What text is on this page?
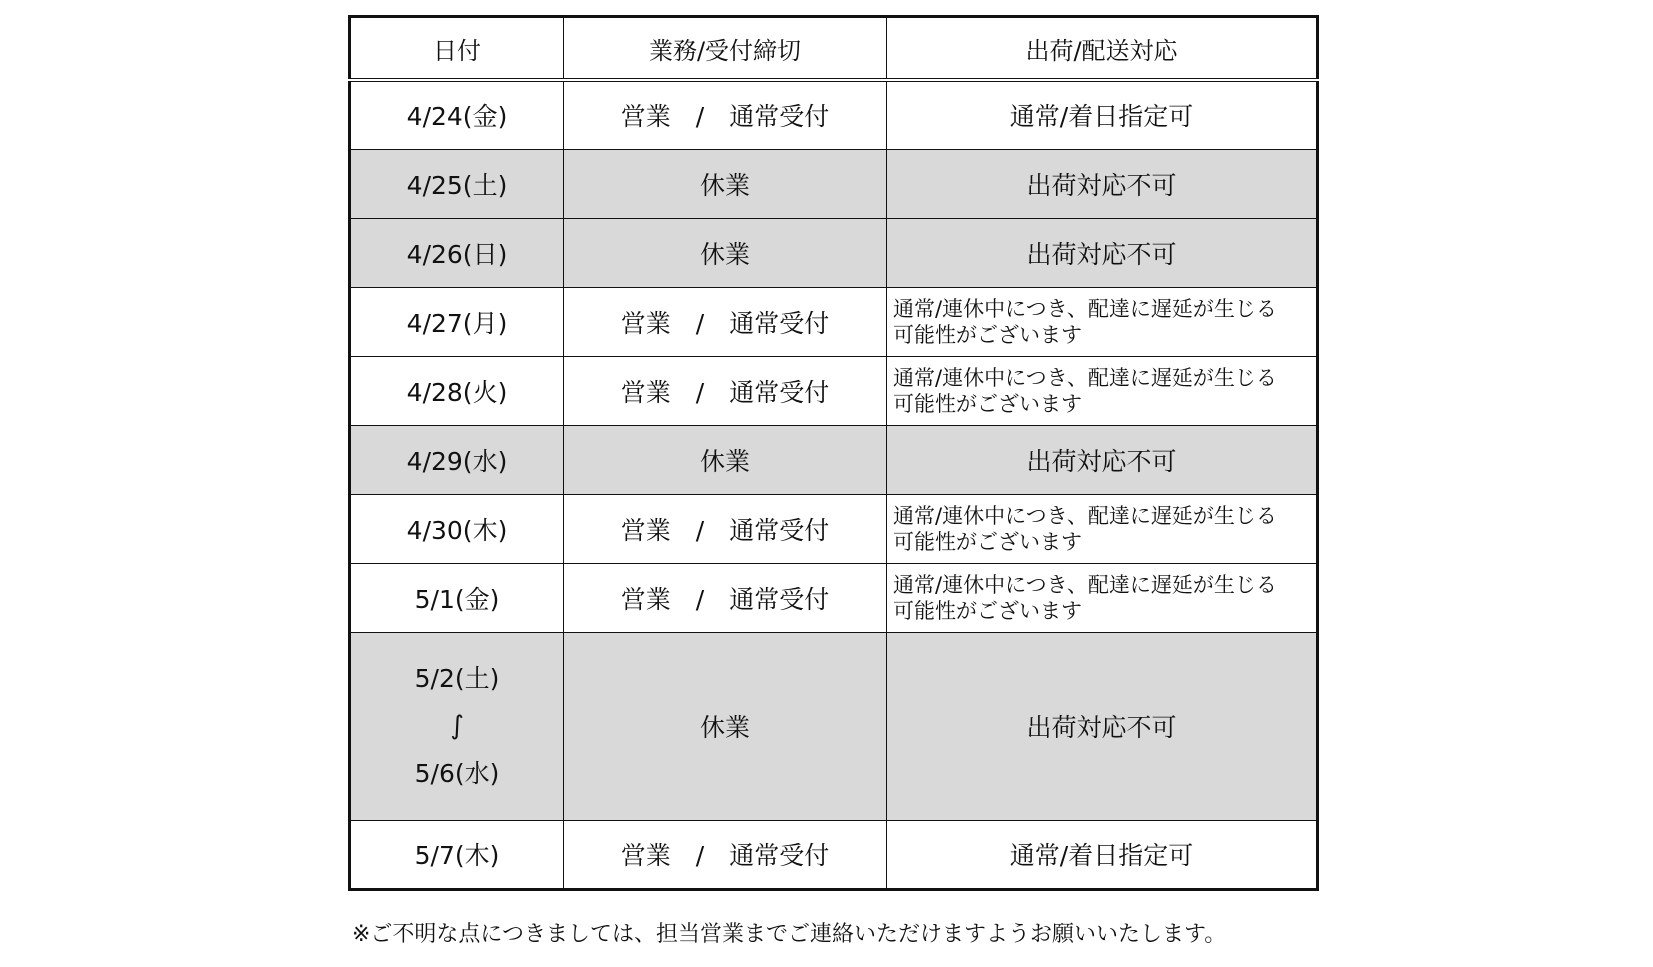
日付	業務/受付締切	出荷/配送対応
4/24(金)	営業　/　通常受付	通常/着日指定可
4/25(土)	休業	出荷対応不可
4/26(日)	休業	出荷対応不可
4/27(月)	営業　/　通常受付	通常/連休中につき、配達に遅延が生じる
可能性がございます
4/28(火)	営業　/　通常受付	通常/連休中につき、配達に遅延が生じる
可能性がございます
4/29(水)	休業	出荷対応不可
4/30(木)	営業　/　通常受付	通常/連休中につき、配達に遅延が生じる
可能性がございます
5/1(金)	営業　/　通常受付	通常/連休中につき、配達に遅延が生じる
可能性がございます

5/2(土)
∫
5/6(水)	休業	出荷対応不可
5/7(木)	営業　/　通常受付	通常/着日指定可
※ご不明な点につきましては、担当営業までご連絡いただけますようお願いいたします。
